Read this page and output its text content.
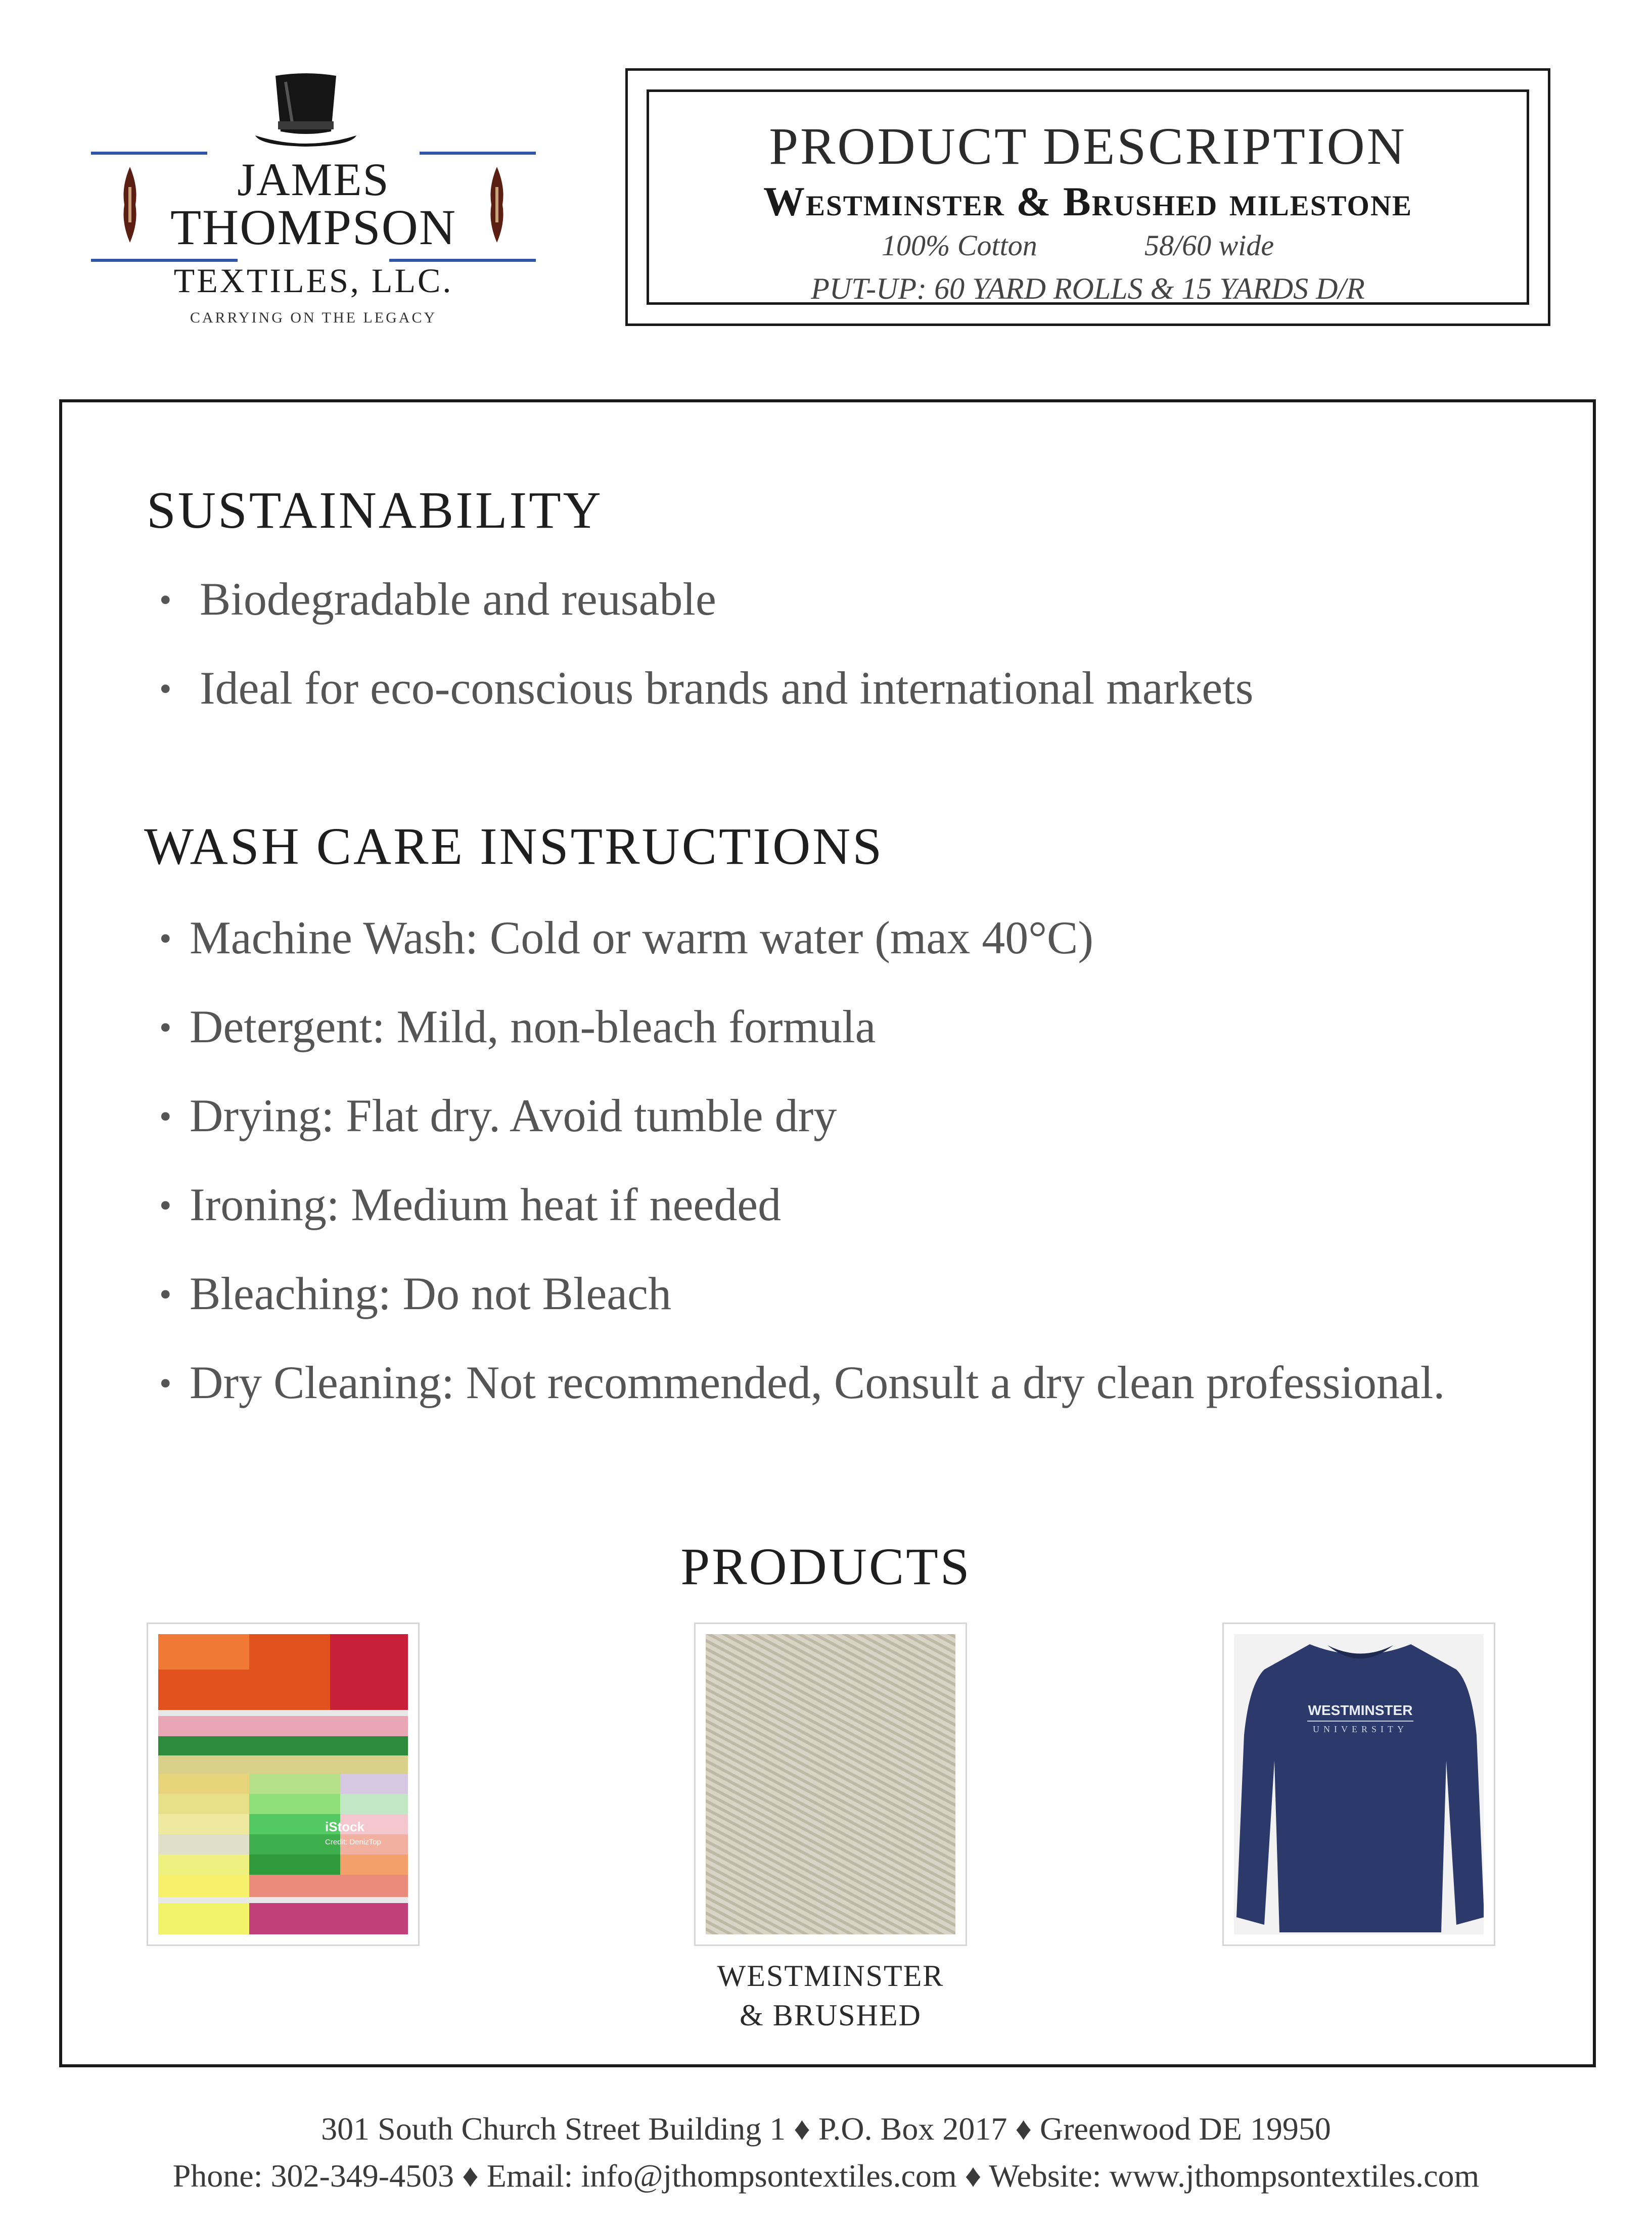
JAMES
THOMPSON
TEXTILES, LLC.
CARRYING ON THE LEGACY
PRODUCT DESCRIPTION
Westminster & Brushed milestone
100% Cotton	58/60 wide
PUT-UP: 60 YARD ROLLS & 15 YARDS D/R
SUSTAINABILITY
• Biodegradable and reusable
• Ideal for eco-conscious brands and international markets
WASH CARE INSTRUCTIONS
• Machine Wash: Cold or warm water (max 40°C)
• Detergent: Mild, non-bleach formula
• Drying: Flat dry. Avoid tumble dry
• Ironing: Medium heat if needed
• Bleaching: Do not Bleach
• Dry Cleaning: Not recommended, Consult a dry clean professional.
PRODUCTS
iStock
Credit: DenizTop
WESTMINSTER
& BRUSHED
WESTMINSTER
UNIVERSITY
301 South Church Street Building 1 ♦ P.O. Box 2017 ♦ Greenwood DE 19950
Phone: 302-349-4503 ♦ Email: info@jthompsontextiles.com ♦ Website: www.jthompsontextiles.com
